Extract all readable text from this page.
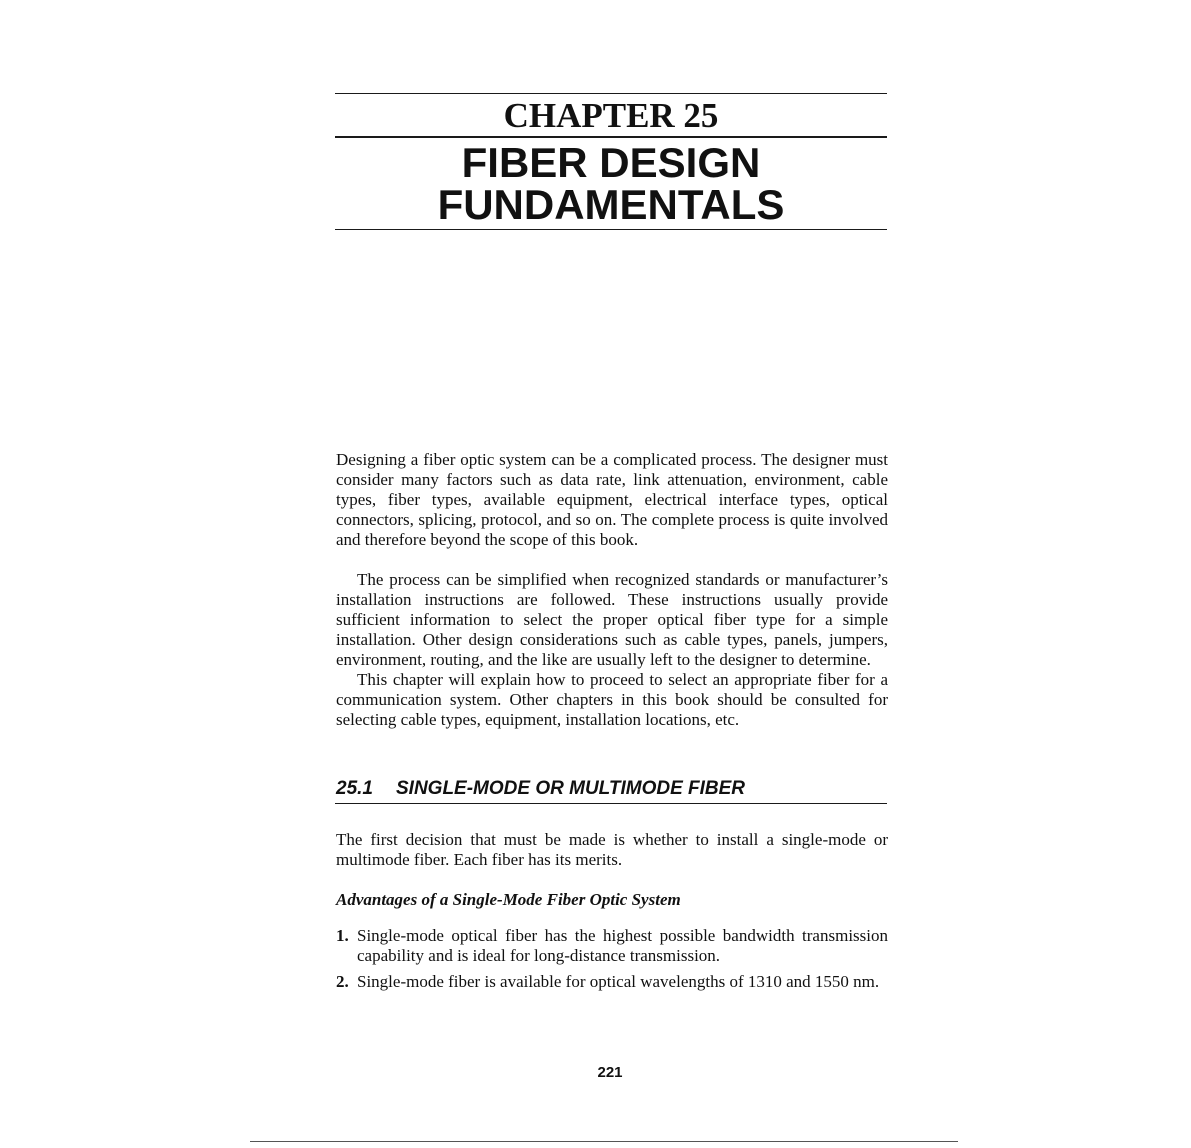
CHAPTER 25
FIBER DESIGN
FUNDAMENTALS

Designing a fiber optic system can be a complicated process. The designer must consider many factors such as data rate, link attenuation, environment, cable types, fiber types, available equipment, electrical interface types, optical connectors, splicing, protocol, and so on. The complete process is quite involved and therefore beyond the scope of this book.

The process can be simplified when recognized standards or manufacturer’s installation instructions are followed. These instructions usually provide sufficient information to select the proper optical fiber type for a simple installation. Other design considerations such as cable types, panels, jumpers, environment, routing, and the like are usually left to the designer to determine.

This chapter will explain how to proceed to select an appropriate fiber for a communication system. Other chapters in this book should be consulted for selecting cable types, equipment, installation locations, etc.

25.1 SINGLE-MODE OR MULTIMODE FIBER

The first decision that must be made is whether to install a single-mode or multimode fiber. Each fiber has its merits.

Advantages of a Single-Mode Fiber Optic System
1. Single-mode optical fiber has the highest possible bandwidth transmission capability and is ideal for long-distance transmission.
2. Single-mode fiber is available for optical wavelengths of 1310 and 1550 nm.

221
